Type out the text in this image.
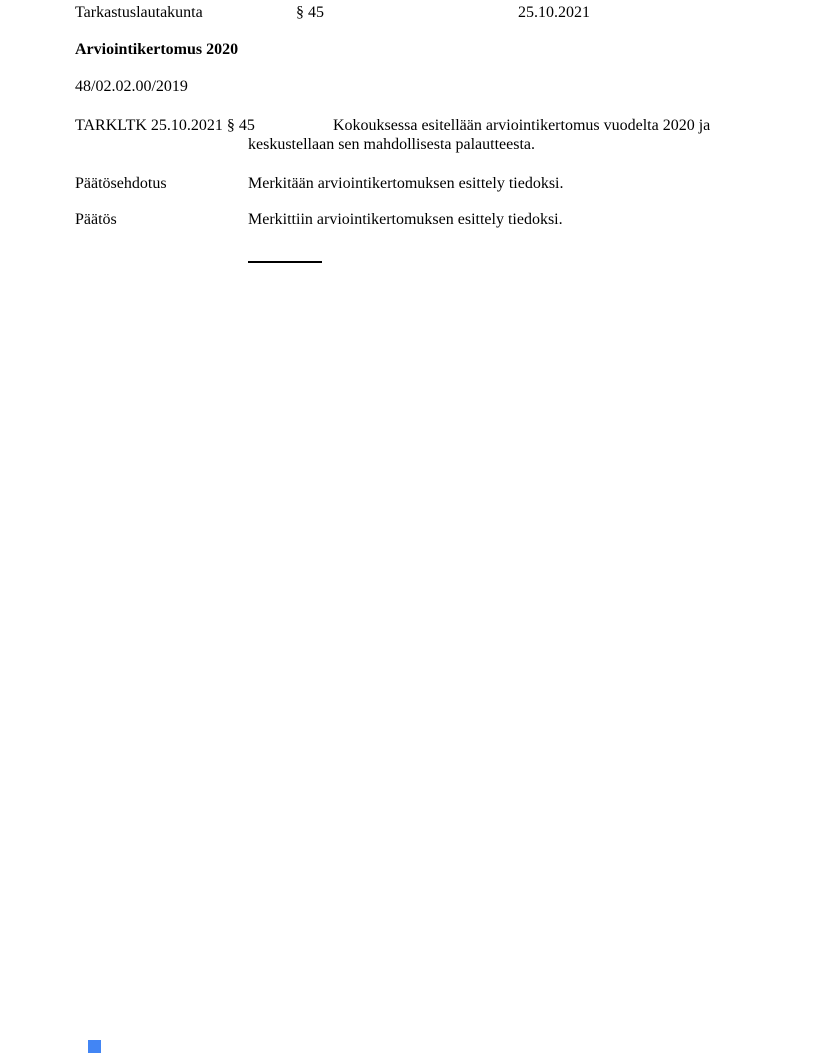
Tarkastuslautakunta	§ 45	25.10.2021
Arviointikertomus 2020
48/02.02.00/2019
TARKLTK 25.10.2021 § 45	Kokouksessa esitellään arviointikertomus vuodelta 2020 ja
keskustellaan sen mahdollisesta palautteesta.
Päätösehdotus	Merkitään arviointikertomuksen esittely tiedoksi.
Päätös	Merkittiin arviointikertomuksen esittely tiedoksi.
